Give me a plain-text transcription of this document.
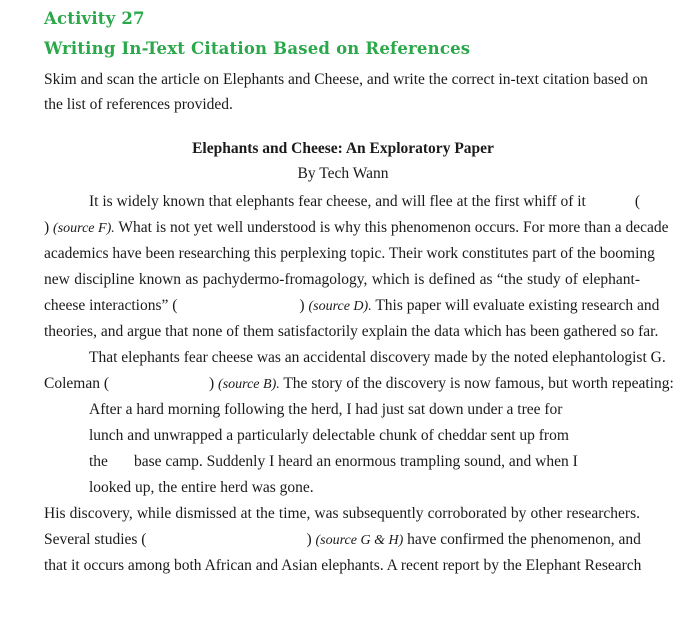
Activity 27
Writing In-Text Citation Based on References
Skim and scan the article on Elephants and Cheese, and write the correct in-text citation based on
the list of references provided.
Elephants and Cheese: An Exploratory Paper
By Tech Wann
It is widely known that elephants fear cheese, and will flee at the first whiff of it	(
) (source F). What is not yet well understood is why this phenomenon occurs. For more than a decade
academics have been researching this perplexing topic. Their work constitutes part of the booming
new discipline known as pachydermo-fromagology, which is defined as “the study of elephant-
cheese interactions” (	) (source D). This paper will evaluate existing research and
theories, and argue that none of them satisfactorily explain the data which has been gathered so far.
That elephants fear cheese was an accidental discovery made by the noted elephantologist G.
Coleman (	) (source B). The story of the discovery is now famous, but worth repeating:
After a hard morning following the herd, I had just sat down under a tree for
lunch and unwrapped a particularly delectable chunk of cheddar sent up from
the base camp. Suddenly I heard an enormous trampling sound, and when I
looked up, the entire herd was gone.
His discovery, while dismissed at the time, was subsequently corroborated by other researchers.
Several studies (	) (source G & H) have confirmed the phenomenon, and
that it occurs among both African and Asian elephants. A recent report by the Elephant Research
